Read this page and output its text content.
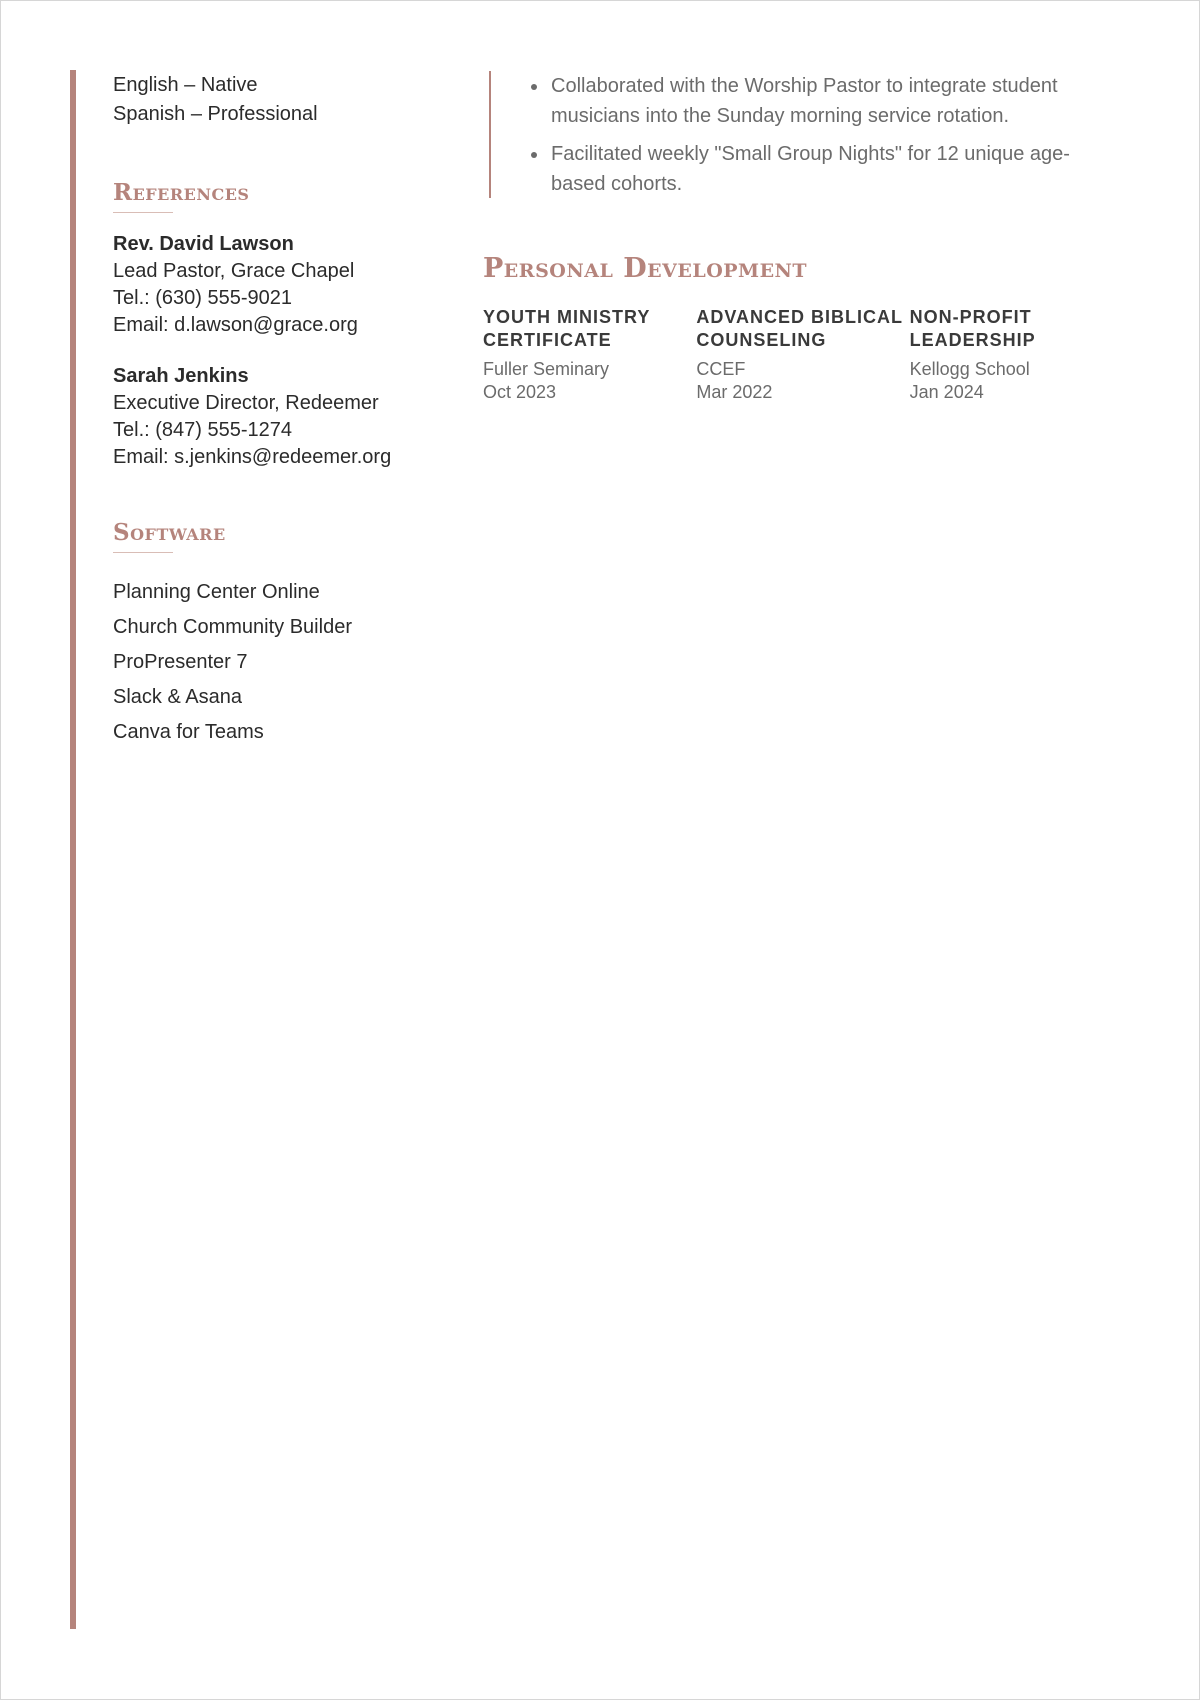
English – Native
Spanish – Professional
References
Rev. David Lawson
Lead Pastor, Grace Chapel
Tel.: (630) 555-9021
Email: d.lawson@grace.org
Sarah Jenkins
Executive Director, Redeemer
Tel.: (847) 555-1274
Email: s.jenkins@redeemer.org
Software
Planning Center Online
Church Community Builder
ProPresenter 7
Slack & Asana
Canva for Teams
Collaborated with the Worship Pastor to integrate student musicians into the Sunday morning service rotation.
Facilitated weekly "Small Group Nights" for 12 unique age-based cohorts.
Personal Development
YOUTH MINISTRY CERTIFICATE
Fuller Seminary
Oct 2023
ADVANCED BIBLICAL COUNSELING
CCEF
Mar 2022
NON-PROFIT LEADERSHIP
Kellogg School
Jan 2024
